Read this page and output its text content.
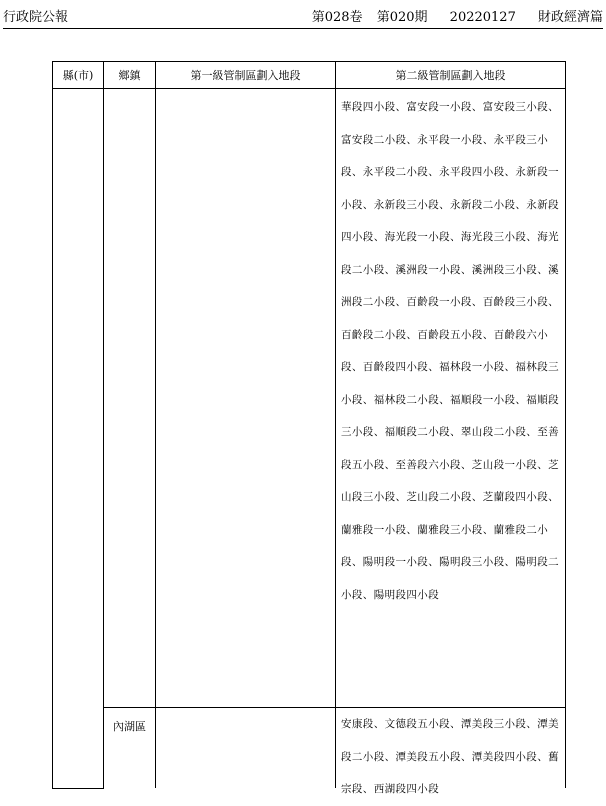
行政院公報	第028卷 第020期 20220127 財政經濟篇
縣(市)	鄉鎮	第一級管制區劃入地段	第二級管制區劃入地段

			華段四小段、富安段一小段、富安段三小段、富安段二小段、永平段一小段、永平段三小段、永平段二小段、永平段四小段、永新段一小段、永新段三小段、永新段二小段、永新段四小段、海光段一小段、海光段三小段、海光段二小段、溪洲段一小段、溪洲段三小段、溪洲段二小段、百齡段一小段、百齡段三小段、百齡段二小段、百齡段五小段、百齡段六小段、百齡段四小段、福林段一小段、福林段三小段、福林段二小段、福順段一小段、福順段三小段、福順段二小段、翠山段二小段、至善段五小段、至善段六小段、芝山段一小段、芝山段三小段、芝山段二小段、芝蘭段四小段、蘭雅段一小段、蘭雅段三小段、蘭雅段二小段、陽明段一小段、陽明段三小段、陽明段二小段、陽明段四小段

	內湖區		安康段、文德段五小段、潭美段三小段、潭美段二小段、潭美段五小段、潭美段四小段、舊宗段、西湖段四小段
